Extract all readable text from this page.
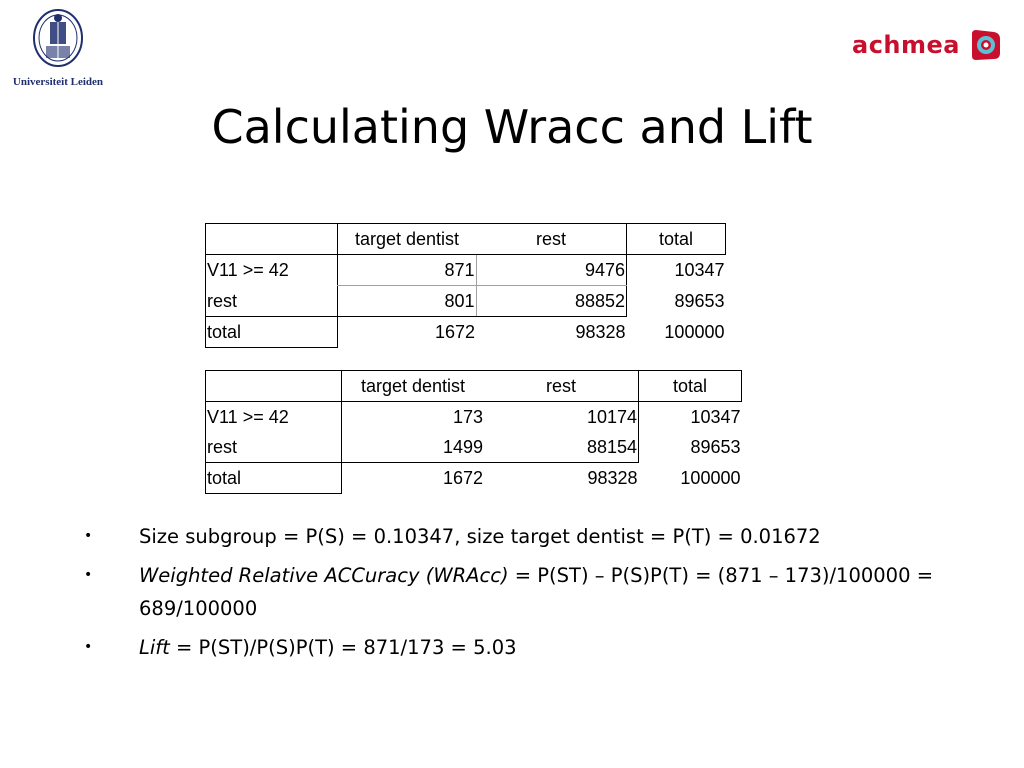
Universiteit Leiden
achmea
Calculating Wracc and Lift
	target dentist	rest	total
V11 >= 42	871	9476	10347
rest	801	88852	89653
total	1672	98328	100000
	target dentist	rest	total
V11 >= 42	173	10174	10347
rest	1499	88154	89653
total	1672	98328	100000
• Size subgroup = P(S) = 0.10347, size target dentist = P(T) = 0.01672
• Weighted Relative ACCuracy (WRAcc) = P(ST) – P(S)P(T) = (871 – 173)/100000 = 689/100000
• Lift = P(ST)/P(S)P(T) = 871/173 = 5.03
